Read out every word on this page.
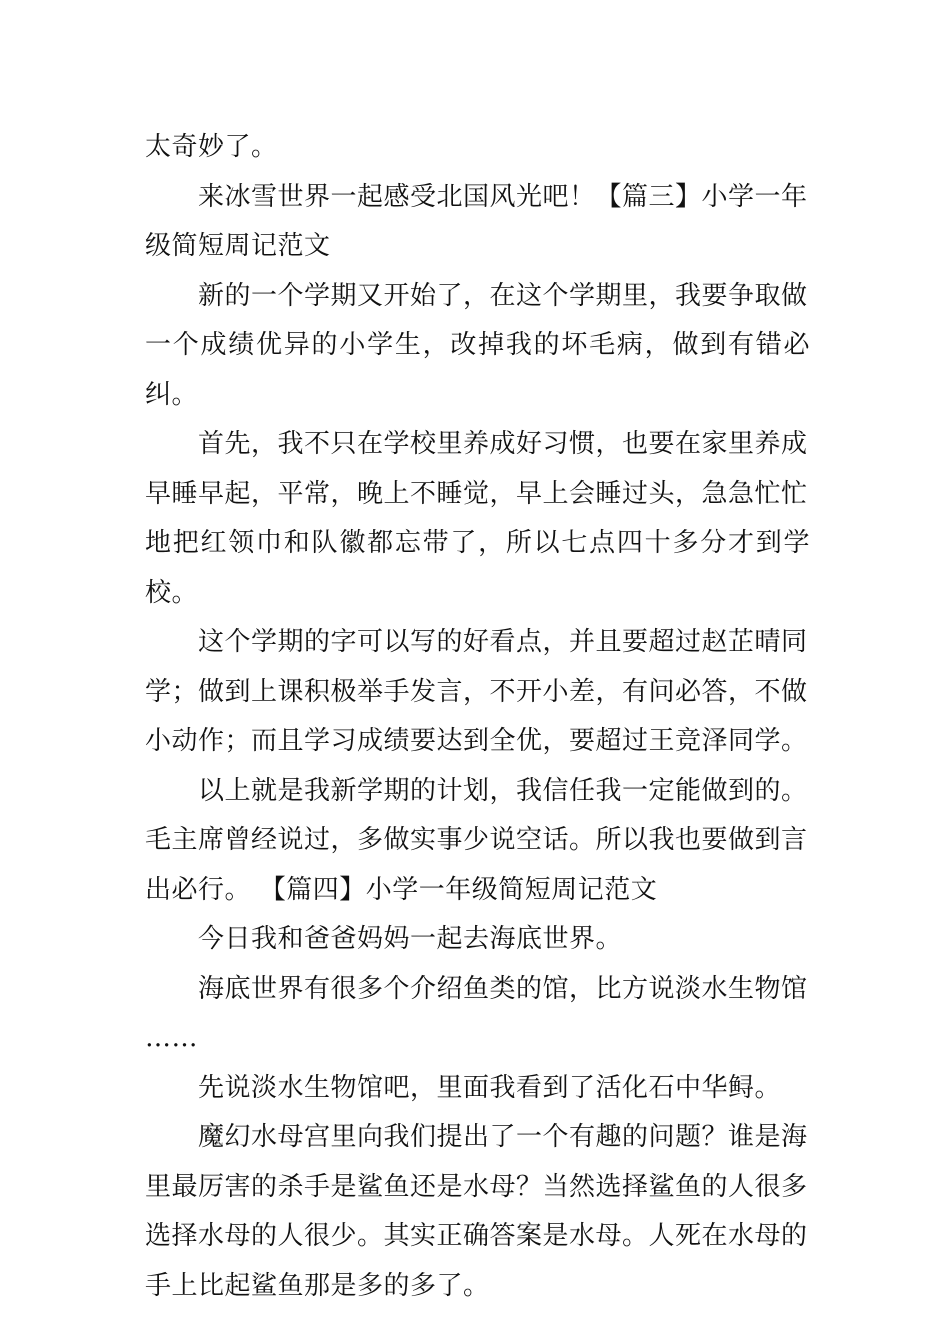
太奇妙了。

来冰雪世界一起感受北国风光吧！【篇三】小学一年
级简短周记范文

新的一个学期又开始了，在这个学期里，我要争取做
一个成绩优异的小学生，改掉我的坏毛病，做到有错必纠。

首先，我不只在学校里养成好习惯，也要在家里养成
早睡早起，平常，晚上不睡觉，早上会睡过头，急急忙忙
地把红领巾和队徽都忘带了，所以七点四十多分才到学校。

这个学期的字可以写的好看点，并且要超过赵芷晴同
学；做到上课积极举手发言，不开小差，有问必答，不做
小动作；而且学习成绩要达到全优，要超过王竞泽同学。

以上就是我新学期的计划，我信任我一定能做到的。
毛主席曾经说过，多做实事少说空话。所以我也要做到言
出必行。 【篇四】小学一年级简短周记范文

今日我和爸爸妈妈一起去海底世界。

海底世界有很多个介绍鱼类的馆，比方说淡水生物馆
……

先说淡水生物馆吧，里面我看到了活化石中华鲟。

魔幻水母宫里向我们提出了一个有趣的问题？谁是海
里最厉害的杀手是鲨鱼还是水母？当然选择鲨鱼的人很多
选择水母的人很少。其实正确答案是水母。人死在水母的
手上比起鲨鱼那是多的多了。
